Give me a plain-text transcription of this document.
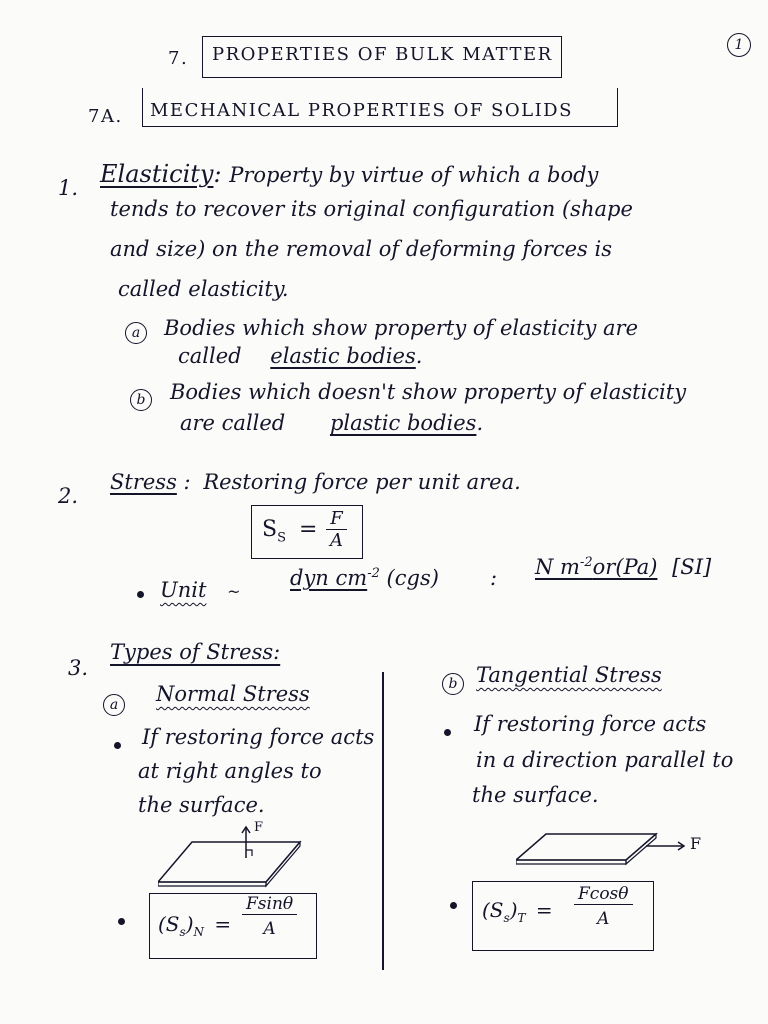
7. PROPERTIES OF BULK MATTER	1
7A. MECHANICAL PROPERTIES OF SOLIDS
1. Elasticity: Property by virtue of which a body
tends to recover its original configuration (shape
and size) on the removal of deforming forces is
called elasticity.
a	Bodies which show property of elasticity are
called elastic bodies.
b	Bodies which doesn't show property of elasticity
are called plastic bodies.
2.
Stress : Restoring force per unit area.
$S_S = \frac{F}{A}$
Unit ~
dyn $cm^{-2}$ (cgs) : N $m^{-2}or(Pa)$ [SI]
3.
Types of Stress:
a	Normal Stress
If restoring force acts
at right angles to
the surface.
F
$(S_s)_N = \frac{Fsin\theta}{A}$
b Tangential Stress
If restoring force acts
in a direction parallel to
the surface.
F
$(S_s)_T = \frac{Fcos\theta}{A}$
